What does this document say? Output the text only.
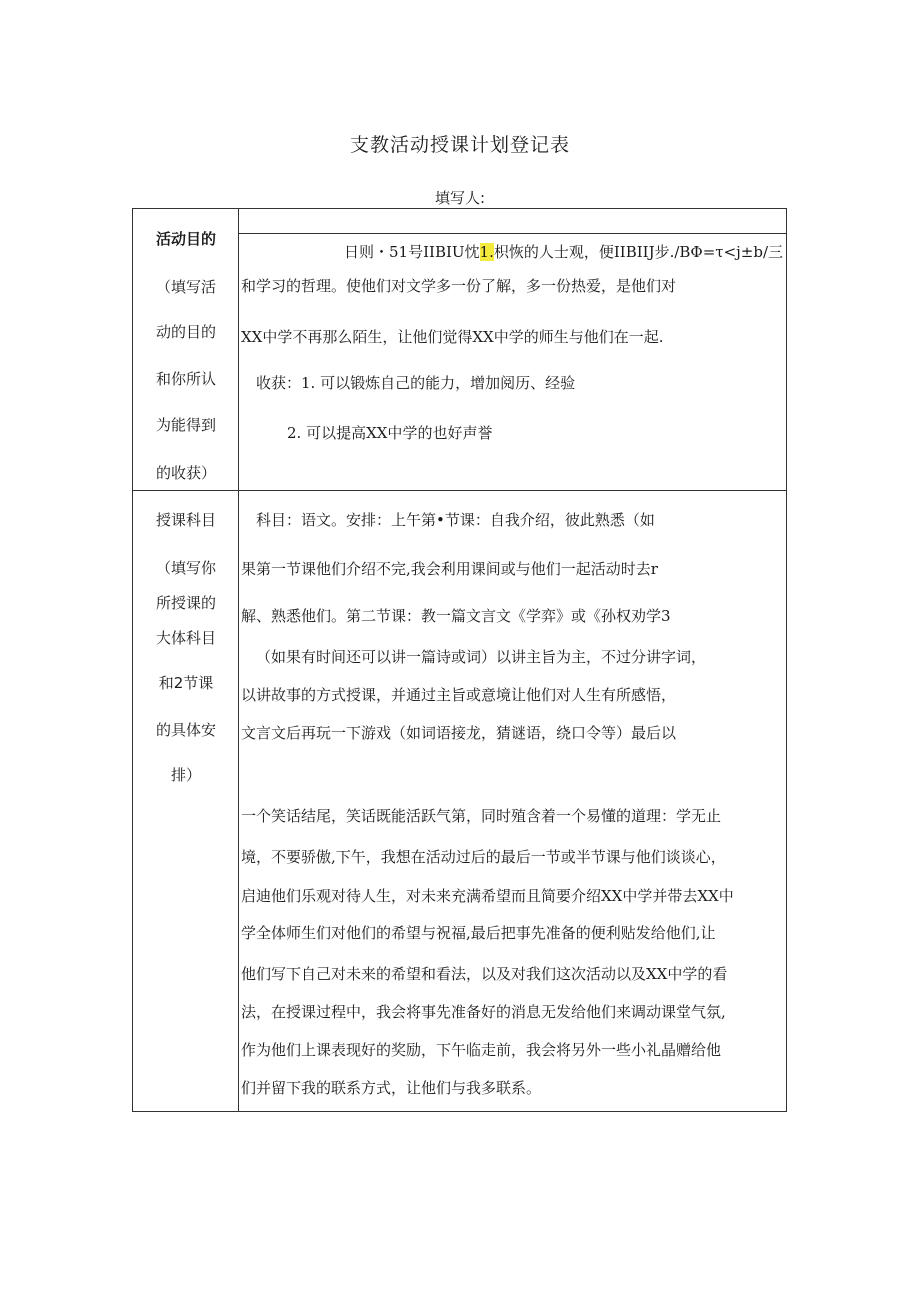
支教活动授课计划登记表
填写人:
活动目的
（填写活
动的目的
和你所认
为能得到
的收获）
日则・51号IIBIU忱1.枳恢的人士观，便IIBIIJ步./BΦ=τ<j±b/三
和学习的哲理。使他们对文学多一份了解，多一份热爱，是他们对
XX中学不再那么陌生，让他们觉得XX中学的师生与他们在一起.
收获：1. 可以锻炼自己的能力，增加阅历、经验
2. 可以提高XX中学的也好声誉
授课科目
（填写你
所授课的
大体科目
和2节课
的具体安
排）
科目：语文。安排：上午第•节课：自我介绍，彼此熟悉（如
果第一节课他们介绍不完,我会利用课间或与他们一起活动时去r
解、熟悉他们。第二节课：教一篇文言文《学弈》或《孙权劝学3
（如果有时间还可以讲一篇诗或词）以讲主旨为主，不过分讲字词，
以讲故事的方式授课，并通过主旨或意境让他们对人生有所感悟，
文言文后再玩一下游戏（如词语接龙，猜谜语，绕口令等）最后以
一个笑话结尾，笑话既能活跃气第，同时殖含着一个易懂的道理：学无止
境，不要骄傲,下午，我想在活动过后的最后一节或半节课与他们谈谈心，
启迪他们乐观对待人生，对未来充满希望而且简要介绍XX中学并带去XX中
学全体师生们对他们的希望与祝福,最后把事先准备的便利贴发给他们,让
他们写下自己对未来的希望和看法，以及对我们这次活动以及XX中学的看
法，在授课过程中，我会将事先准备好的消息无发给他们来调动课堂气氛,
作为他们上课表现好的奖励，下午临走前，我会将另外一些小礼晶赠给他
们并留下我的联系方式，让他们与我多联系。
